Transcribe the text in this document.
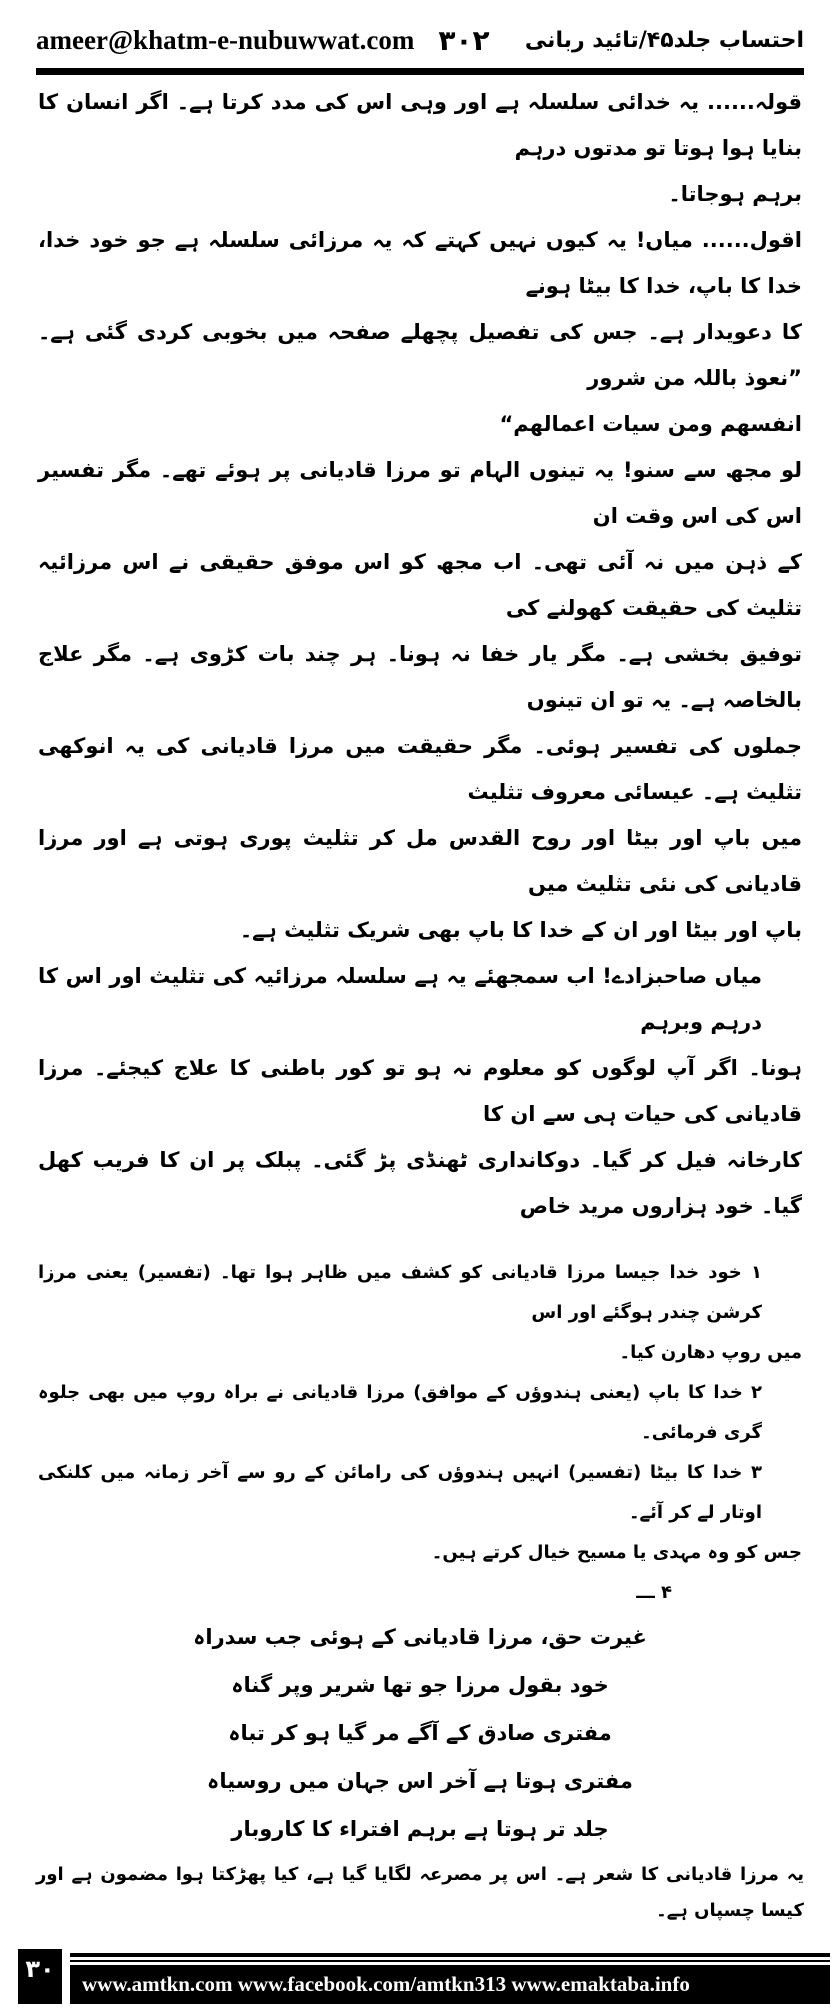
ameer@khatm-e-nubuwwat.com ۳۰۲ احتساب جلد۴۵/تائید ربانی
قولہ...... یہ خدائی سلسلہ ہے اور وہی اس کی مدد کرتا ہے۔ اگر انسان کا بنایا ہوا ہوتا تو مدتوں درہم
برہم ہوجاتا۔
اقول...... میاں! یہ کیوں نہیں کہتے کہ یہ مرزائی سلسلہ ہے جو خود خدا، خدا کا باپ، خدا کا بیٹا ہونے
کا دعویدار ہے۔ جس کی تفصیل پچھلے صفحہ میں بخوبی کردی گئی ہے۔ ”نعوذ باللہ من شرور
انفسھم ومن سیات اعمالھم“
لو مجھ سے سنو! یہ تینوں الہام تو مرزا قادیانی پر ہوئے تھے۔ مگر تفسیر اس کی اس وقت ان
کے ذہن میں نہ آئی تھی۔ اب مجھ کو اس موفق حقیقی نے اس مرزائیہ تثلیث کی حقیقت کھولنے کی
توفیق بخشی ہے۔ مگر یار خفا نہ ہونا۔ ہر چند بات کڑوی ہے۔ مگر علاج بالخاصہ ہے۔ یہ تو ان تینوں
جملوں کی تفسیر ہوئی۔ مگر حقیقت میں مرزا قادیانی کی یہ انوکھی تثلیث ہے۔ عیسائی معروف تثلیث
میں باپ اور بیٹا اور روح القدس مل کر تثلیث پوری ہوتی ہے اور مرزا قادیانی کی نئی تثلیث میں
باپ اور بیٹا اور ان کے خدا کا باپ بھی شریک تثلیث ہے۔
میاں صاحبزادے! اب سمجھئے یہ ہے سلسلہ مرزائیہ کی تثلیث اور اس کا درہم وبرہم
ہونا۔ اگر آپ لوگوں کو معلوم نہ ہو تو کور باطنی کا علاج کیجئے۔ مرزا قادیانی کی حیات ہی سے ان کا
کارخانہ فیل کر گیا۔ دوکانداری ٹھنڈی پڑ گئی۔ پبلک پر ان کا فریب کھل گیا۔ خود ہزاروں مرید خاص
۱ خود خدا جیسا مرزا قادیانی کو کشف میں ظاہر ہوا تھا۔ (تفسیر) یعنی مرزا کرشن چندر ہوگئے اور اس
میں روپ دھارن کیا۔
۲ خدا کا باپ (یعنی ہندوؤں کے موافق) مرزا قادیانی نے براہ روپ میں بھی جلوہ گری فرمائی۔
۳ خدا کا بیٹا (تفسیر) انہیں ہندوؤں کی رامائن کے رو سے آخر زمانہ میں کلنکی اوتار لے کر آئے۔
جس کو وہ مہدی یا مسیح خیال کرتے ہیں۔
۴ ـــ
غیرت حق، مرزا قادیانی کے ہوئی جب سدراہ
خود بقول مرزا جو تھا شریر وپر گناہ
مفتری صادق کے آگے مر گیا ہو کر تباہ
مفتری ہوتا ہے آخر اس جہان میں روسیاہ
جلد تر ہوتا ہے برہم افتراء کا کاروبار
یہ مرزا قادیانی کا شعر ہے۔ اس پر مصرعہ لگایا گیا ہے، کیا پھڑکتا ہوا مضمون ہے اور کیسا چسپاں ہے۔
۳۰
www.amtkn.com www.facebook.com/amtkn313 www.emaktaba.info
